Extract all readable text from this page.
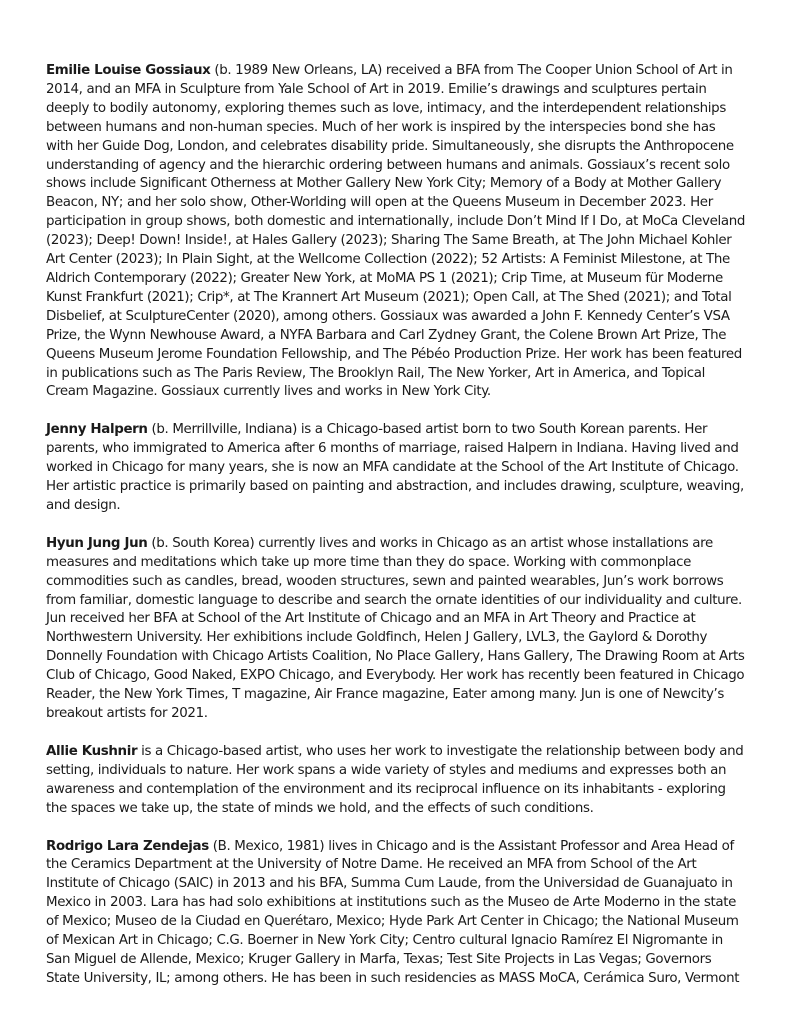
Emilie Louise Gossiaux (b. 1989 New Orleans, LA) received a BFA from The Cooper Union School of Art in 2014, and an MFA in Sculpture from Yale School of Art in 2019. Emilie’s drawings and sculptures pertain deeply to bodily autonomy, exploring themes such as love, intimacy, and the interdependent relationships between humans and non-human species. Much of her work is inspired by the interspecies bond she has with her Guide Dog, London, and celebrates disability pride. Simultaneously, she disrupts the Anthropocene understanding of agency and the hierarchic ordering between humans and animals. Gossiaux’s recent solo shows include Significant Otherness at Mother Gallery New York City; Memory of a Body at Mother Gallery Beacon, NY; and her solo show, Other-Worlding will open at the Queens Museum in December 2023. Her participation in group shows, both domestic and internationally, include Don’t Mind If I Do, at MoCa Cleveland (2023); Deep! Down! Inside!, at Hales Gallery (2023); Sharing The Same Breath, at The John Michael Kohler Art Center (2023); In Plain Sight, at the Wellcome Collection (2022); 52 Artists: A Feminist Milestone, at The Aldrich Contemporary (2022); Greater New York, at MoMA PS 1 (2021); Crip Time, at Museum für Moderne Kunst Frankfurt (2021); Crip*, at The Krannert Art Museum (2021); Open Call, at The Shed (2021); and Total Disbelief, at SculptureCenter (2020), among others. Gossiaux was awarded a John F. Kennedy Center’s VSA Prize, the Wynn Newhouse Award, a NYFA Barbara and Carl Zydney Grant, the Colene Brown Art Prize, The Queens Museum Jerome Foundation Fellowship, and The Pébéo Production Prize. Her work has been featured in publications such as The Paris Review, The Brooklyn Rail, The New Yorker, Art in America, and Topical Cream Magazine. Gossiaux currently lives and works in New York City.

Jenny Halpern (b. Merrillville, Indiana) is a Chicago-based artist born to two South Korean parents. Her parents, who immigrated to America after 6 months of marriage, raised Halpern in Indiana. Having lived and worked in Chicago for many years, she is now an MFA candidate at the School of the Art Institute of Chicago. Her artistic practice is primarily based on painting and abstraction, and includes drawing, sculpture, weaving, and design.

Hyun Jung Jun (b. South Korea) currently lives and works in Chicago as an artist whose installations are measures and meditations which take up more time than they do space. Working with commonplace commodities such as candles, bread, wooden structures, sewn and painted wearables, Jun’s work borrows from familiar, domestic language to describe and search the ornate identities of our individuality and culture. Jun received her BFA at School of the Art Institute of Chicago and an MFA in Art Theory and Practice at Northwestern University. Her exhibitions include Goldfinch, Helen J Gallery, LVL3, the Gaylord & Dorothy Donnelly Foundation with Chicago Artists Coalition, No Place Gallery, Hans Gallery, The Drawing Room at Arts Club of Chicago, Good Naked, EXPO Chicago, and Everybody. Her work has recently been featured in Chicago Reader, the New York Times, T magazine, Air France magazine, Eater among many. Jun is one of Newcity’s breakout artists for 2021.

Allie Kushnir is a Chicago-based artist, who uses her work to investigate the relationship between body and setting, individuals to nature. Her work spans a wide variety of styles and mediums and expresses both an awareness and contemplation of the environment and its reciprocal influence on its inhabitants - exploring the spaces we take up, the state of minds we hold, and the effects of such conditions.

Rodrigo Lara Zendejas (B. Mexico, 1981) lives in Chicago and is the Assistant Professor and Area Head of the Ceramics Department at the University of Notre Dame. He received an MFA from School of the Art Institute of Chicago (SAIC) in 2013 and his BFA, Summa Cum Laude, from the Universidad de Guanajuato in Mexico in 2003. Lara has had solo exhibitions at institutions such as the Museo de Arte Moderno in the state of Mexico; Museo de la Ciudad en Querétaro, Mexico; Hyde Park Art Center in Chicago; the National Museum of Mexican Art in Chicago; C.G. Boerner in New York City; Centro cultural Ignacio Ramírez El Nigromante in San Miguel de Allende, Mexico; Kruger Gallery in Marfa, Texas; Test Site Projects in Las Vegas; Governors State University, IL; among others. He has been in such residencies as MASS MoCA, Cerámica Suro, Vermont
